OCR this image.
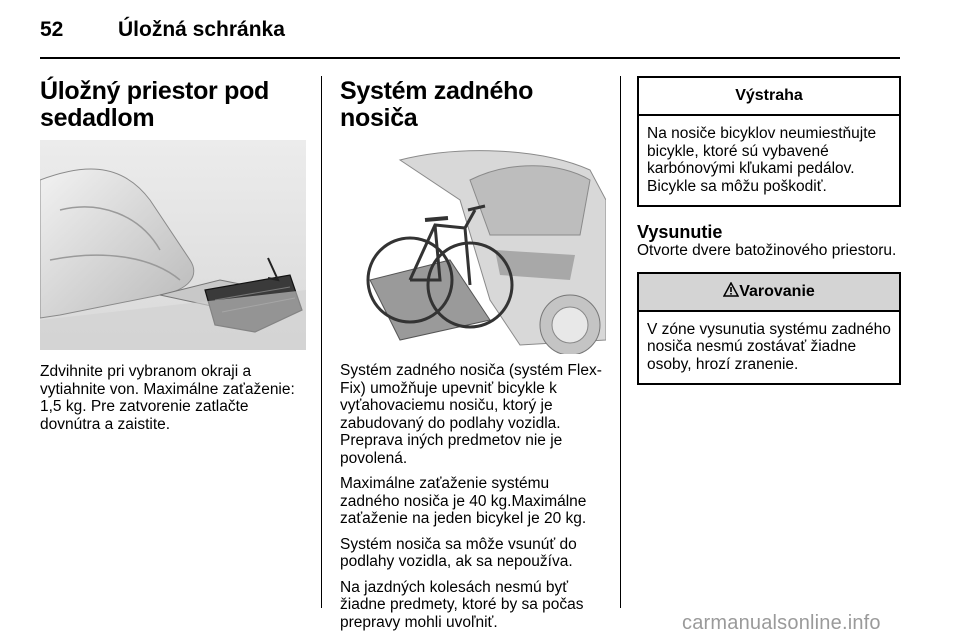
52	Úložná schránka
Úložný priestor pod sedadlom

Zdvihnite pri vybranom okraji a vytiahnite von. Maximálne zaťaženie: 1,5 kg. Pre zatvorenie zatlačte dovnútra a zaistite.

Systém zadného nosiča

Systém zadného nosiča (systém Flex-Fix) umožňuje upevniť bicykle k vyťahovaciemu nosiču, ktorý je zabudovaný do podlahy vozidla. Preprava iných predmetov nie je povolená.

Maximálne zaťaženie systému zadného nosiča je 40 kg.Maximálne zaťaženie na jeden bicykel je 20 kg.

Systém nosiča sa môže vsunúť do podlahy vozidla, ak sa nepoužíva.

Na jazdných kolesách nesmú byť žiadne predmety, ktoré by sa počas prepravy mohli uvoľniť.

Výstraha
Na nosiče bicyklov neumiestňujte bicykle, ktoré sú vybavené karbónovými kľukami pedálov. Bicykle sa môžu poškodiť.
Vysunutie

Otvorte dvere batožinového priestoru.

Varovanie
V zóne vysunutia systému zadného nosiča nesmú zostávať žiadne osoby, hrozí zranenie.
carmanualsonline.info
